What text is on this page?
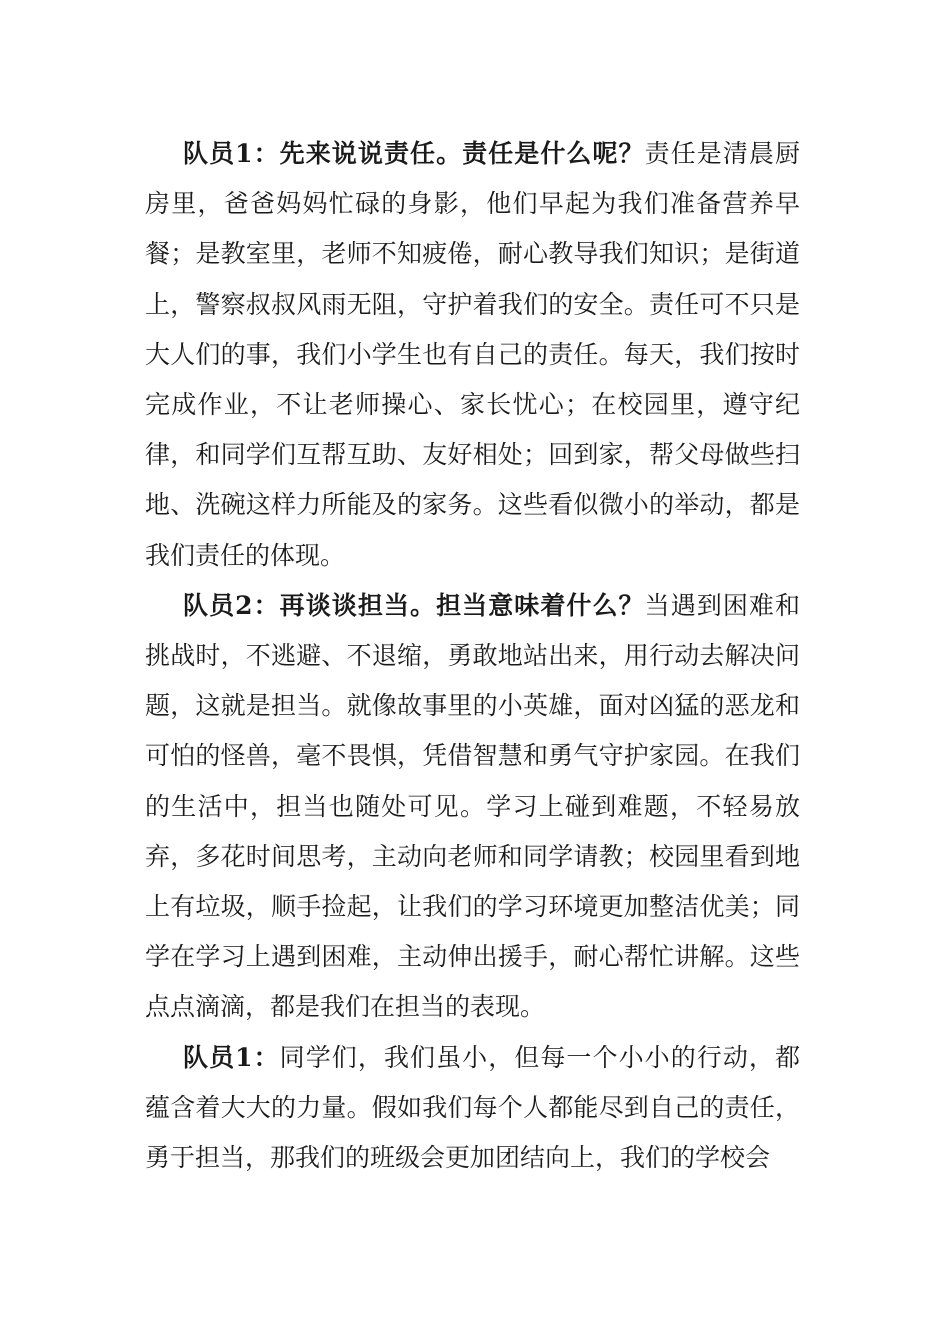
队员1：先来说说责任。责任是什么呢？责任是清晨厨房里，爸爸妈妈忙碌的身影，他们早起为我们准备营养早餐；是教室里，老师不知疲倦，耐心教导我们知识；是街道上，警察叔叔风雨无阻，守护着我们的安全。责任可不只是大人们的事，我们小学生也有自己的责任。每天，我们按时完成作业，不让老师操心、家长忧心；在校园里，遵守纪律，和同学们互帮互助、友好相处；回到家，帮父母做些扫地、洗碗这样力所能及的家务。这些看似微小的举动，都是我们责任的体现。

队员2：再谈谈担当。担当意味着什么？当遇到困难和挑战时，不逃避、不退缩，勇敢地站出来，用行动去解决问题，这就是担当。就像故事里的小英雄，面对凶猛的恶龙和可怕的怪兽，毫不畏惧，凭借智慧和勇气守护家园。在我们的生活中，担当也随处可见。学习上碰到难题，不轻易放弃，多花时间思考，主动向老师和同学请教；校园里看到地上有垃圾，顺手捡起，让我们的学习环境更加整洁优美；同学在学习上遇到困难，主动伸出援手，耐心帮忙讲解。这些点点滴滴，都是我们在担当的表现。

队员1：同学们，我们虽小，但每一个小小的行动，都蕴含着大大的力量。假如我们每个人都能尽到自己的责任，勇于担当，那我们的班级会更加团结向上，我们的学校会
